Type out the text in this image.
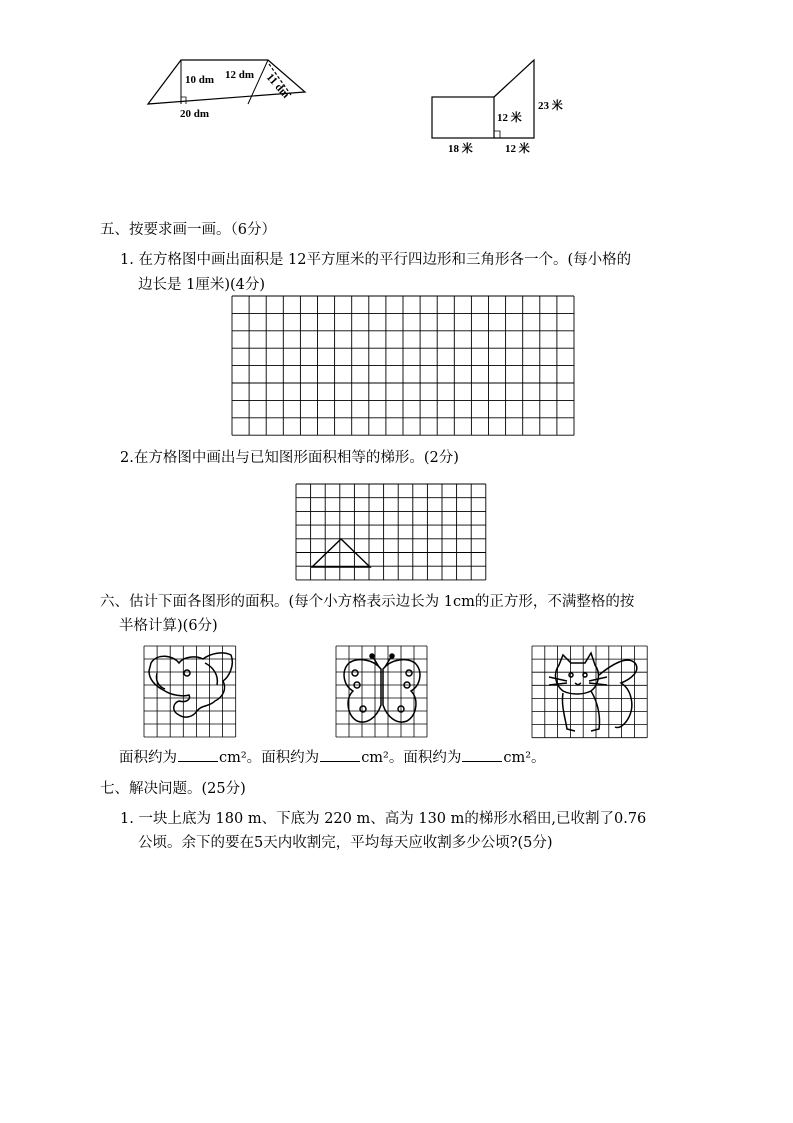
10 dm 12 dm 11 dm
20 dm
23 米
12 米
18 米	12 米
五、按要求画一画。（6分）
1. 在方格图中画出面积是 12平方厘米的平行四边形和三角形各一个。(每小格的
边长是 1厘米)(4分)
2.在方格图中画出与已知图形面积相等的梯形。(2分)
六、估计下面各图形的面积。(每个小方格表示边长为 1cm的正方形，不满整格的按
半格计算)(6分)
面积约为	cm²。面积约为	cm²。面积约为	cm²。
七、解决问题。(25分)
1. 一块上底为 180 m、下底为 220 m、高为 130 m的梯形水稻田,已收割了0.76
公顷。余下的要在5天内收割完，平均每天应收割多少公顷?(5分)
